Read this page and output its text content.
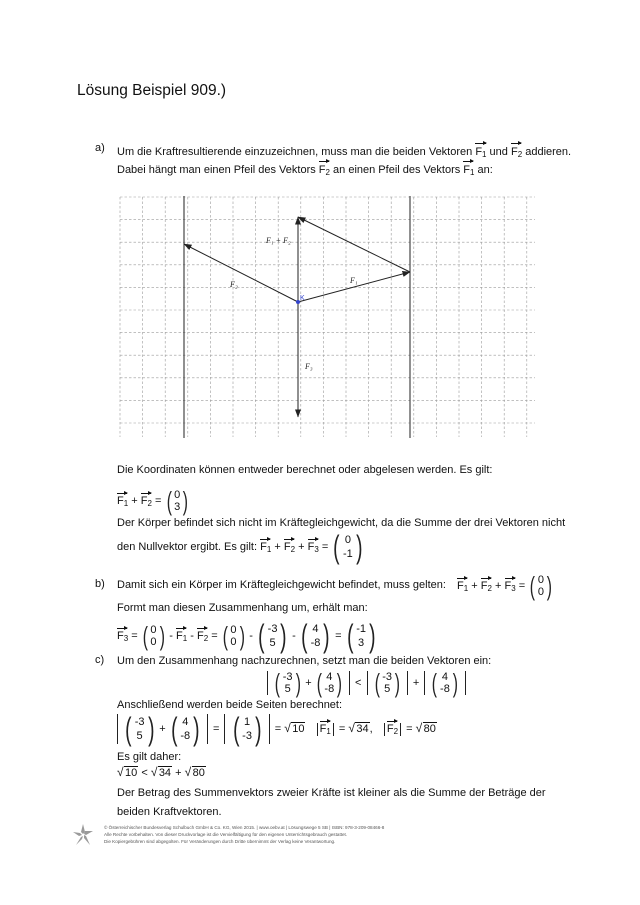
Lösung Beispiel 909.)
a) Um die Kraftresultierende einzuzeichnen, muss man die beiden Vektoren $F_1$ und $F_2$ addieren.
Dabei hängt man einen Pfeil des Vektors $F_2$ an einen Pfeil des Vektors $F_1$ an:
K
F₁ + F₂
F₁
F₂
F₃
Die Koordinaten können entweder berechnet oder abgelesen werden. Es gilt:
$F_1 + F_2$ = ( 0
3 )
Der Körper befindet sich nicht im Kräftegleichgewicht, da die Summe der drei Vektoren nicht
den Nullvektor ergibt. Es gilt: $F_1 + F_2 + F_3$ = ( 0
-1 )
b) Damit sich ein Körper im Kräftegleichgewicht befindet, muss gelten: $F_1 + F_2 + F_3$ = ( 0
0 )
Formt man diesen Zusammenhang um, erhält man:
$F_3$ = ( 0
0 ) - $F_1 - F_2$ = ( 0
0 ) - ( -3
5 ) - ( 4
-8 ) = ( -1
3 )
c) Um den Zusammenhang nachzurechnen, setzt man die beiden Vektoren ein:

( -3
5 ) + ( 4
-8 ) < ( -3
5 ) + ( 4
-8 )

Anschließend werden beide Seiten berechnet:

( -3
5 ) + ( 4
-8 ) = ( 1
-3 ) = √ 10 $F_1$ = √ 34, $F_2$ = √ 80
Es gilt daher:
√ 10 < √ 34 + √ 80
Der Betrag des Summenvektors zweier Kräfte ist kleiner als die Summe der Beträge der
beiden Kraftvektoren.
© Österreichischer Bundesverlag Schulbuch GmbH & Co. KG, Wien 2015. | www.oebv.at | Lösungswege 5 SB | ISBN: 978-3-209-08466-8
Alle Rechte vorbehalten. Von dieser Druckvorlage ist die Vervielfältigung für den eigenen Unterrichtsgebrauch gestattet.
Die Kopiergebühren sind abgegolten. Für Veränderungen durch Dritte übernimmt der Verlag keine Verantwortung.
